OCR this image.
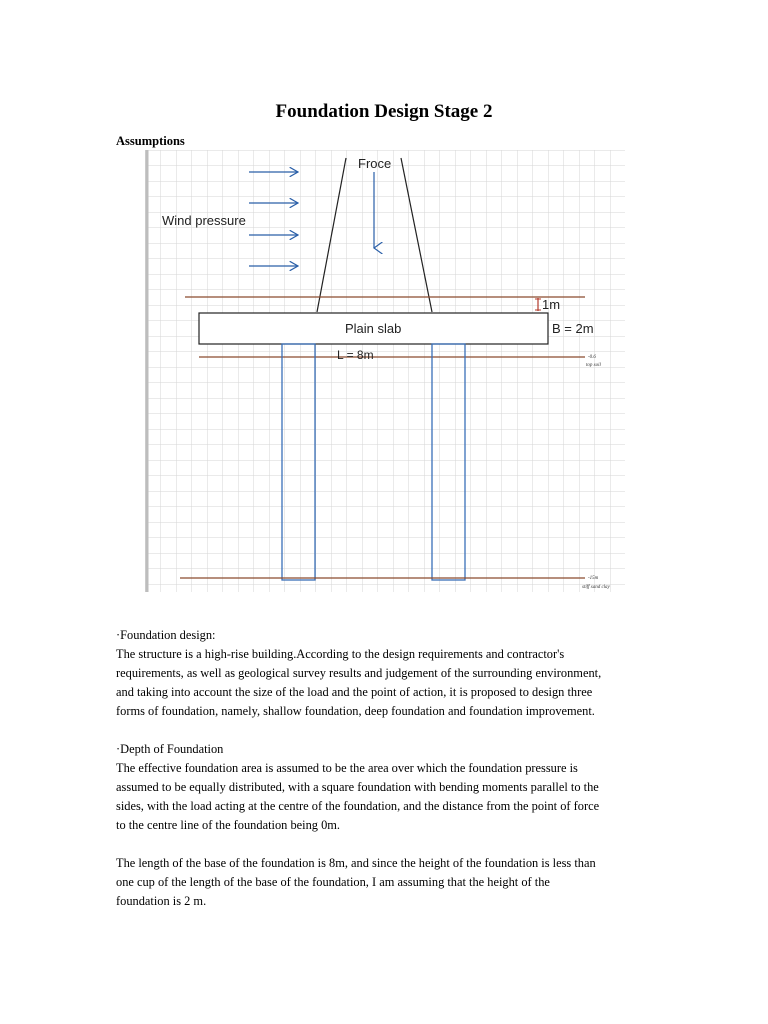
Foundation Design Stage 2
Assumptions
Wind pressure
Froce
Plain slab
1m
B = 2m
L = 8m	-0.6
top soil
-15m
stiff sand clay

·Foundation design:

The structure is a high-rise building.According to the design requirements and contractor's

requirements, as well as geological survey results and judgement of the surrounding environment,

and taking into account the size of the load and the point of action, it is proposed to design three

forms of foundation, namely, shallow foundation, deep foundation and foundation improvement.

·Depth of Foundation

The effective foundation area is assumed to be the area over which the foundation pressure is

assumed to be equally distributed, with a square foundation with bending moments parallel to the

sides, with the load acting at the centre of the foundation, and the distance from the point of force

to the centre line of the foundation being 0m.

The length of the base of the foundation is 8m, and since the height of the foundation is less than

one cup of the length of the base of the foundation, I am assuming that the height of the

foundation is 2 m.
